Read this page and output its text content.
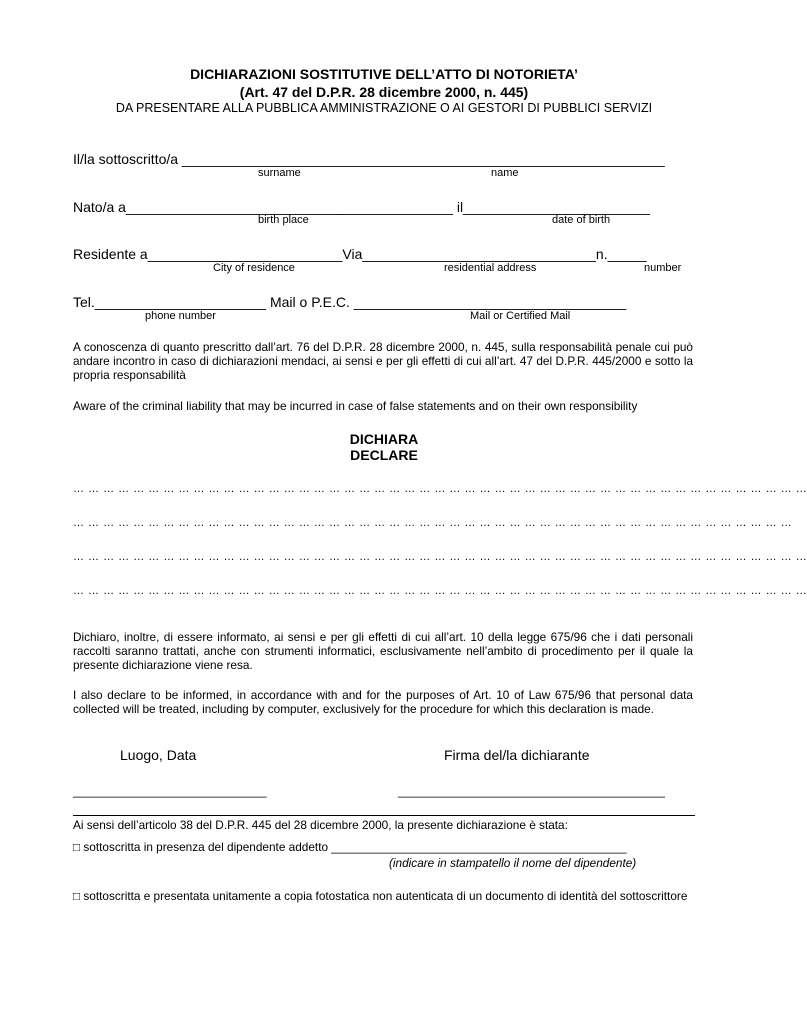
DICHIARAZIONI SOSTITUTIVE DELL’ATTO DI NOTORIETA’
(Art. 47 del D.P.R. 28 dicembre 2000, n. 445)
DA PRESENTARE ALLA PUBBLICA AMMINISTRAZIONE O AI GESTORI DI PUBBLICI SERVIZI
Il/la sottoscritto/a ______________________________________________________________
surname	name
Nato/a a__________________________________________ il________________________
birth place	date of birth
Residente a_________________________Via______________________________n._____
City of residence	residential address	number
Tel.______________________ Mail o P.E.C. ___________________________________
phone number	Mail or Certified Mail
A conoscenza di quanto prescritto dall’art. 76 del D.P.R. 28 dicembre 2000, n. 445, sulla responsabilità penale cui può andare incontro in caso di dichiarazioni mendaci, ai sensi e per gli effetti di cui all’art. 47 del D.P.R. 445/2000 e sotto la propria responsabilità
Aware of the criminal liability that may be incurred in case of false statements and on their own responsibility
DICHIARA
DECLARE
… … … … … … … … … … … … … … … … … … … … … … … … … … … … … … … … … … … … … … … … … … … … … … … … …
… … … … … … … … … … … … … … … … … … … … … … … … … … … … … … … … … … … … … … … … … … … … … … … …
… … … … … … … … … … … … … … … … … … … … … … … … … … … … … … … … … … … … … … … … … … … … … … … … …
… … … … … … … … … … … … … … … … … … … … … … … … … … … … … … … … … … … … … … … … … … … … … … … … …
Dichiaro, inoltre, di essere informato, ai sensi e per gli effetti di cui all’art. 10 della legge 675/96 che i dati personali raccolti saranno trattati, anche con strumenti informatici, esclusivamente nell’ambito di procedimento per il quale la presente dichiarazione viene resa.
I also declare to be informed, in accordance with and for the purposes of Art. 10 of Law 675/96 that personal data collected will be treated, including by computer, exclusively for the procedure for which this declaration is made.
Luogo, Data	Firma del/la dichiarante
_____________________________	________________________________________
Ai sensi dell’articolo 38 del D.P.R. 445 del 28 dicembre 2000, la presente dichiarazione è stata:
□ sottoscritta in presenza del dipendente addetto _____________________________________________
(indicare in stampatello il nome del dipendente)
□ sottoscritta e presentata unitamente a copia fotostatica non autenticata di un documento di identità del sottoscrittore
